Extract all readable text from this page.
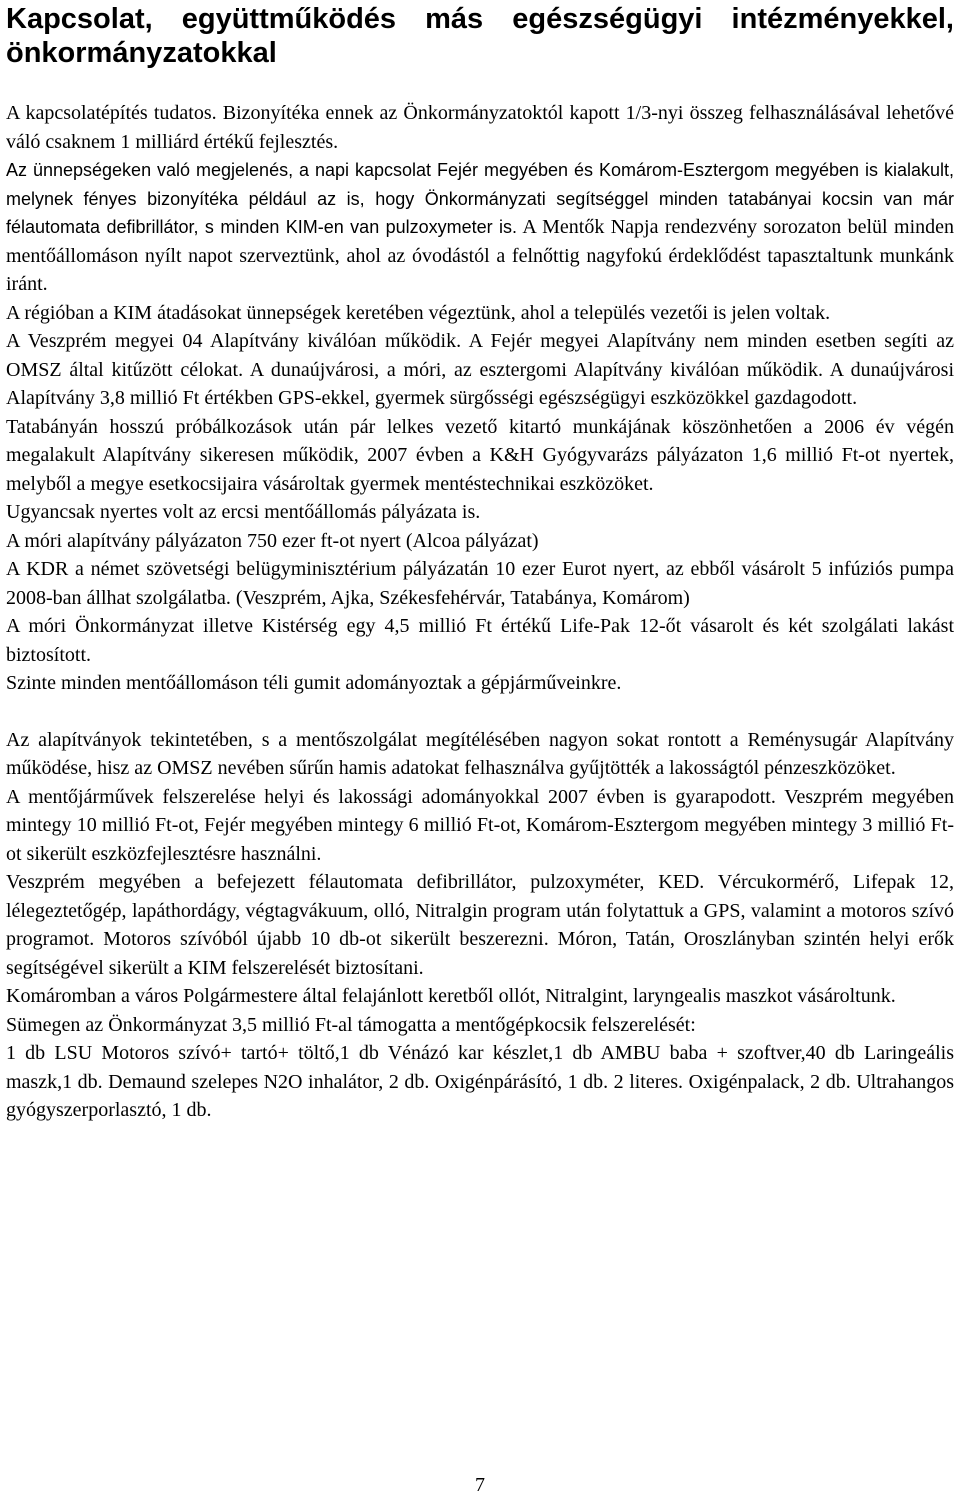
Kapcsolat, együttműködés más egészségügyi intézményekkel, önkormányzatokkal

A kapcsolatépítés tudatos. Bizonyítéka ennek az Önkormányzatoktól kapott 1/3-nyi összeg felhasználásával lehetővé váló csaknem 1 milliárd értékű fejlesztés.

Az ünnepségeken való megjelenés, a napi kapcsolat Fejér megyében és Komárom-Esztergom megyében is kialakult, melynek fényes bizonyítéka például az is, hogy Önkormányzati segítséggel minden tatabányai kocsin van már félautomata defibrillátor, s minden KIM-en van pulzoxymeter is. A Mentők Napja rendezvény sorozaton belül minden mentőállomáson nyílt napot szerveztünk, ahol az óvodástól a felnőttig nagyfokú érdeklődést tapasztaltunk munkánk iránt.

A régióban a KIM átadásokat ünnepségek keretében végeztünk, ahol a település vezetői is jelen voltak.

A Veszprém megyei 04 Alapítvány kiválóan működik. A Fejér megyei Alapítvány nem minden esetben segíti az OMSZ által kitűzött célokat. A dunaújvárosi, a móri, az esztergomi Alapítvány kiválóan működik. A dunaújvárosi Alapítvány 3,8 millió Ft értékben GPS-ekkel, gyermek sürgősségi egészségügyi eszközökkel gazdagodott.

Tatabányán hosszú próbálkozások után pár lelkes vezető kitartó munkájának köszönhetően a 2006 év végén megalakult Alapítvány sikeresen működik, 2007 évben a K&H Gyógyvarázs pályázaton 1,6 millió Ft-ot nyertek, melyből a megye esetkocsijaira vásároltak gyermek mentéstechnikai eszközöket.

Ugyancsak nyertes volt az ercsi mentőállomás pályázata is.

A móri alapítvány pályázaton 750 ezer ft-ot nyert (Alcoa pályázat)

A KDR a német szövetségi belügyminisztérium pályázatán 10 ezer Eurot nyert, az ebből vásárolt 5 infúziós pumpa 2008-ban állhat szolgálatba. (Veszprém, Ajka, Székesfehérvár, Tatabánya, Komárom)

A móri Önkormányzat illetve Kistérség egy 4,5 millió Ft értékű Life-Pak 12-őt vásarolt és két szolgálati lakást biztosított.

Szinte minden mentőállomáson téli gumit adományoztak a gépjárműveinkre.

Az alapítványok tekintetében, s a mentőszolgálat megítélésében nagyon sokat rontott a Reménysugár Alapítvány működése, hisz az OMSZ nevében sűrűn hamis adatokat felhasználva gyűjtötték a lakosságtól pénzeszközöket.

A mentőjárművek felszerelése helyi és lakossági adományokkal 2007 évben is gyarapodott. Veszprém megyében mintegy 10 millió Ft-ot, Fejér megyében mintegy 6 millió Ft-ot, Komárom-Esztergom megyében mintegy 3 millió Ft-ot sikerült eszközfejlesztésre használni.

Veszprém megyében a befejezett félautomata defibrillátor, pulzoxyméter, KED. Vércukormérő, Lifepak 12, lélegeztetőgép, lapáthordágy, végtagvákuum, olló, Nitralgin program után folytattuk a GPS, valamint a motoros szívó programot. Motoros szívóból újabb 10 db-ot sikerült beszerezni. Móron, Tatán, Oroszlányban szintén helyi erők segítségével sikerült a KIM felszerelését biztosítani.

Komáromban a város Polgármestere által felajánlott keretből ollót, Nitralgint, laryngealis maszkot vásároltunk.

Sümegen az Önkormányzat 3,5 millió Ft-al támogatta a mentőgépkocsik felszerelését:

1 db LSU Motoros szívó+ tartó+ töltő,1 db Vénázó kar készlet,1 db AMBU baba + szoftver,40 db Laringeális maszk,1 db. Demaund szelepes N2O inhalátor, 2 db. Oxigénpárásító, 1 db. 2 literes. Oxigénpalack, 2 db. Ultrahangos gyógyszerporlasztó, 1 db.

7
